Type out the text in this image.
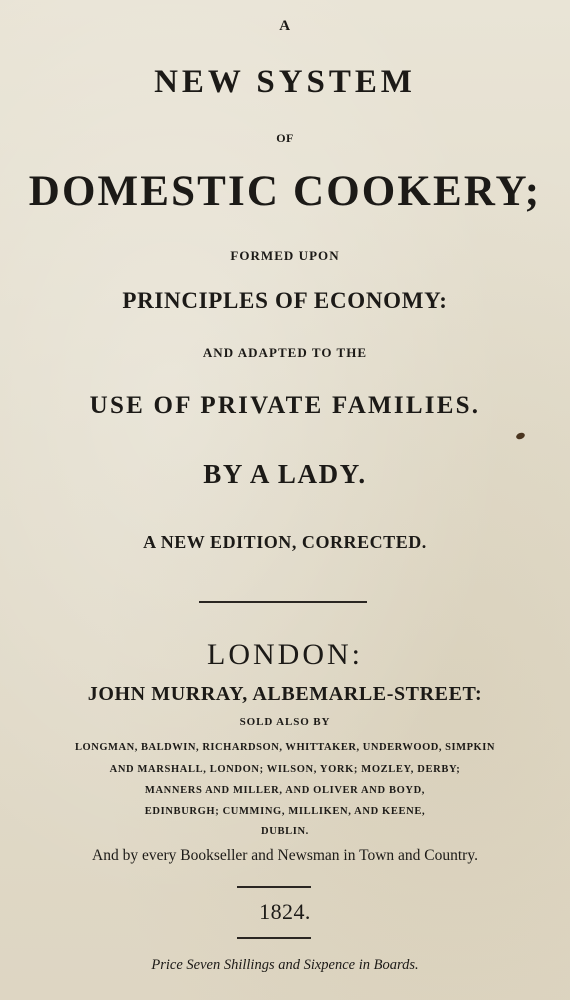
A

NEW SYSTEM

OF

DOMESTIC COOKERY;

FORMED UPON

PRINCIPLES OF ECONOMY:

AND ADAPTED TO THE

USE OF PRIVATE FAMILIES.

BY A LADY.

A NEW EDITION, CORRECTED.

LONDON:

JOHN MURRAY, ALBEMARLE-STREET:

SOLD ALSO BY

LONGMAN, BALDWIN, RICHARDSON, WHITTAKER, UNDERWOOD, SIMPKIN

AND MARSHALL, LONDON; WILSON, YORK; MOZLEY, DERBY;

MANNERS AND MILLER, AND OLIVER AND BOYD,

EDINBURGH; CUMMING, MILLIKEN, AND KEENE,

DUBLIN.

And by every Bookseller and Newsman in Town and Country.

1824.

Price Seven Shillings and Sixpence in Boards.
